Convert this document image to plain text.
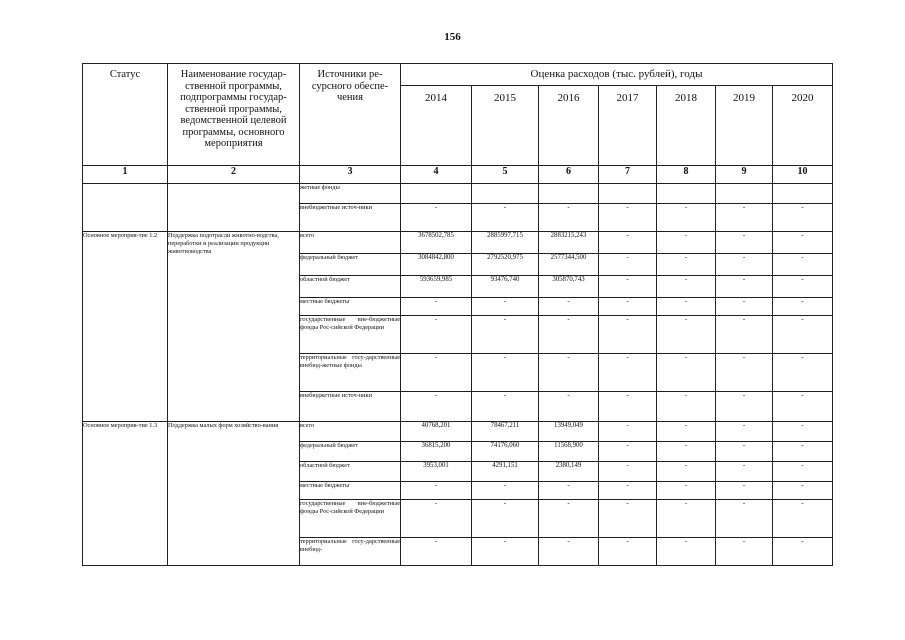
156
Статус	Наименование государ-ственной программы, подпрограммы государ-ственной программы, ведомственной целевой программы, основного мероприятия	Источники ре-сурсного обеспе-чения	Оценка расходов (тыс. рублей), годы						
			2014	2015	2016	2017	2018	2019	2020
1	2	3	4	5	6	7	8	9	10
		жетные фонды							
		внебюджетные источ-ники	-	-	-	-	-	-	-
Основное мероприя-тие 1.2	Поддержка подотрасли животно-водства, переработки и реализации продукции животноводства	всего	3678502,785	2885997,715	2883215,243	-	-	-	-
		федеральный бюджет	3084842,800	2792520,975	2577344,500	-	-	-	-
		областной бюджет	593659,985	93476,740	305870,743	-	-	-	-
		местные бюджеты	-	-	-	-	-	-	-
		государственные вне-бюджетные фонды Рос-сийской Федерации	-	-	-	-	-	-	-
		территориальные госу-дарственные внебюд-жетные фонды	-	-	-	-	-	-	-
		внебюджетные источ-ники	-	-	-	-	-	-	-
Основное мероприя-тие 1.3	Поддержка малых форм хозяйство-вания	всего	40768,201	78467,211	13949,049	-	-	-	-
		федеральный бюджет	36815,200	74176,060	11568,900	-	-	-	-
		областной бюджет	3953,001	4291,151	2380,149	-	-	-	-
		местные бюджеты	-	-	-	-	-	-	-
		государственные вне-бюджетные фонды Рос-сийской Федерации	-	-	-	-	-	-	-
		территориальные госу-дарственные внебюд-	-	-	-	-	-	-	-
